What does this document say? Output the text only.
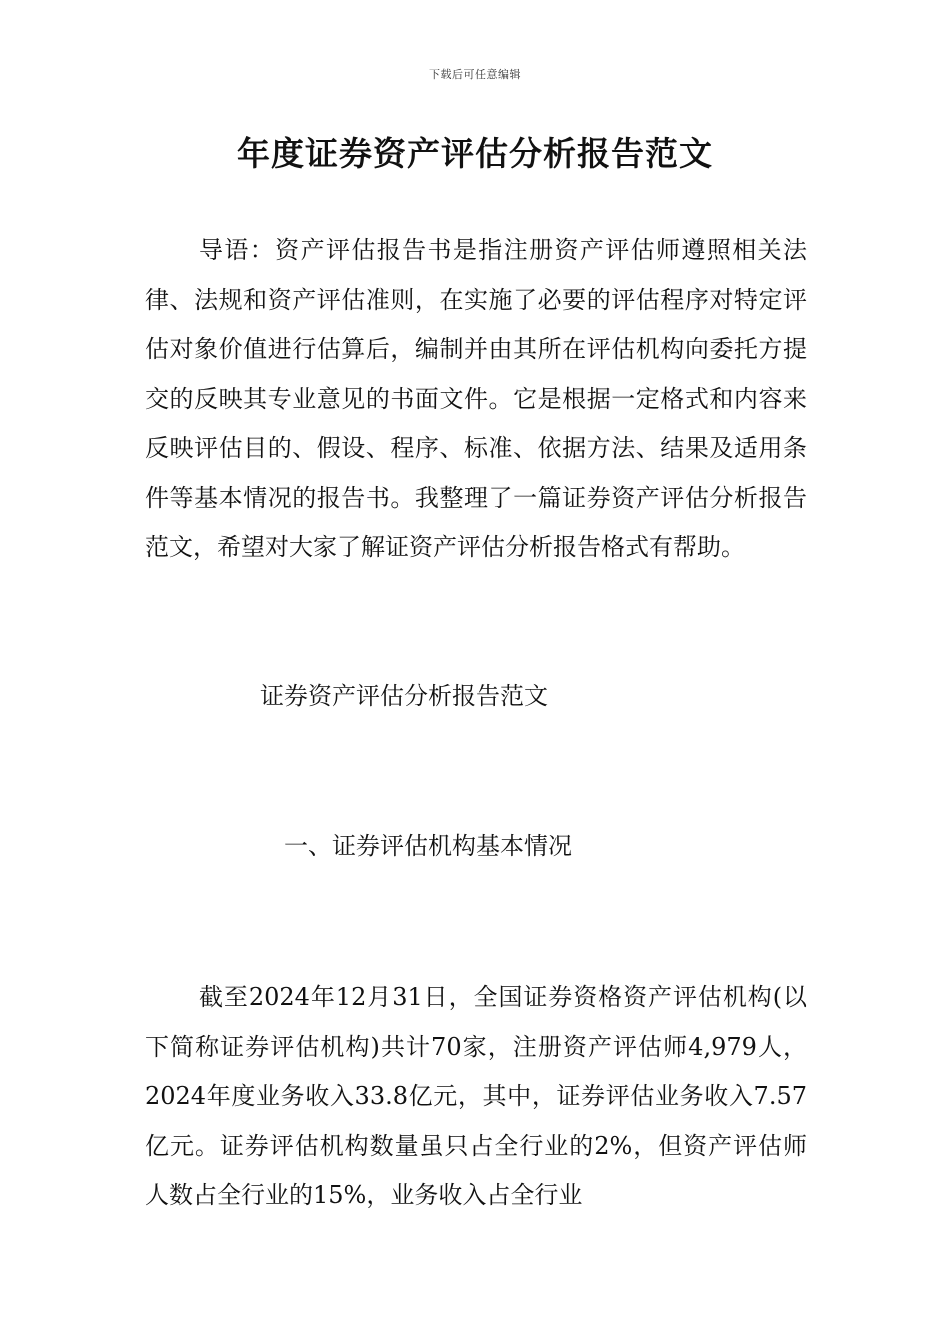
下载后可任意编辑
年度证券资产评估分析报告范文

导语：资产评估报告书是指注册资产评估师遵照相关法律、法规和资产评估准则，在实施了必要的评估程序对特定评估对象价值进行估算后，编制并由其所在评估机构向委托方提交的反映其专业意见的书面文件。它是根据一定格式和内容来反映评估目的、假设、程序、标准、依据方法、结果及适用条件等基本情况的报告书。我整理了一篇证券资产评估分析报告范文，希望对大家了解证资产评估分析报告格式有帮助。

证券资产评估分析报告范文
一、证券评估机构基本情况

截至2024年12月31日，全国证券资格资产评估机构(以下简称证券评估机构)共计70家，注册资产评估师4,979人，2024年度业务收入33.8亿元，其中，证券评估业务收入7.57亿元。证券评估机构数量虽只占全行业的2%，但资产评估师人数占全行业的15%，业务收入占全行业
